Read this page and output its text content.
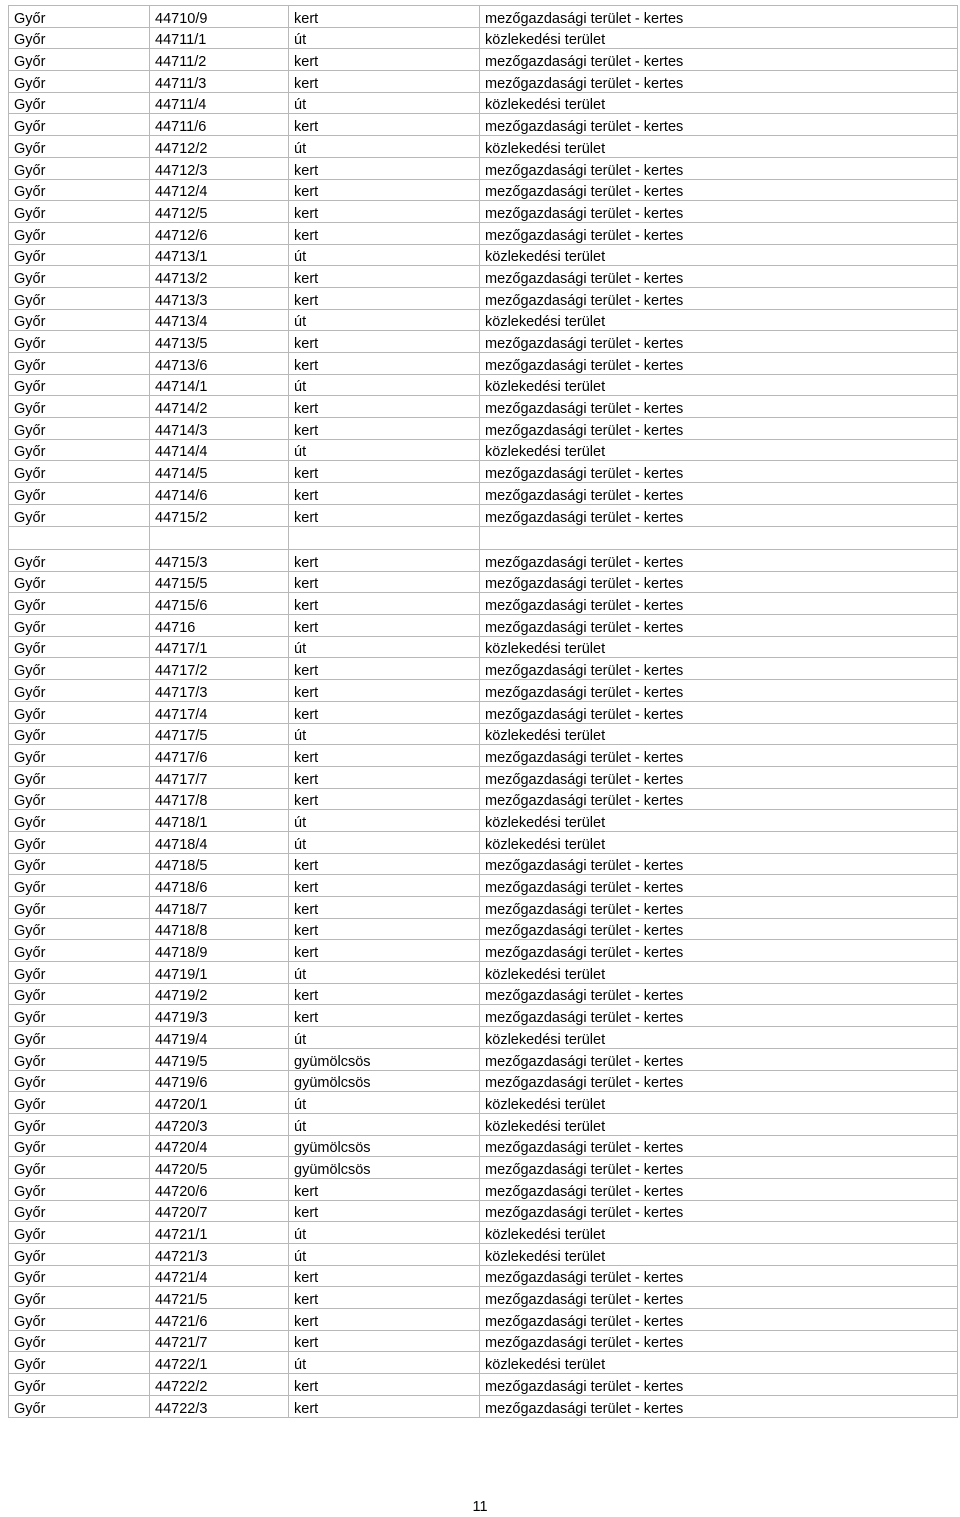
Győr	44710/9	kert	mezőgazdasági terület - kertes
Győr	44711/1	út	közlekedési terület
Győr	44711/2	kert	mezőgazdasági terület - kertes
Győr	44711/3	kert	mezőgazdasági terület - kertes
Győr	44711/4	út	közlekedési terület
Győr	44711/6	kert	mezőgazdasági terület - kertes
Győr	44712/2	út	közlekedési terület
Győr	44712/3	kert	mezőgazdasági terület - kertes
Győr	44712/4	kert	mezőgazdasági terület - kertes
Győr	44712/5	kert	mezőgazdasági terület - kertes
Győr	44712/6	kert	mezőgazdasági terület - kertes
Győr	44713/1	út	közlekedési terület
Győr	44713/2	kert	mezőgazdasági terület - kertes
Győr	44713/3	kert	mezőgazdasági terület - kertes
Győr	44713/4	út	közlekedési terület
Győr	44713/5	kert	mezőgazdasági terület - kertes
Győr	44713/6	kert	mezőgazdasági terület - kertes
Győr	44714/1	út	közlekedési terület
Győr	44714/2	kert	mezőgazdasági terület - kertes
Győr	44714/3	kert	mezőgazdasági terület - kertes
Győr	44714/4	út	közlekedési terület
Győr	44714/5	kert	mezőgazdasági terület - kertes
Győr	44714/6	kert	mezőgazdasági terület - kertes
Győr	44715/2	kert	mezőgazdasági terület - kertes

Győr	44715/3	kert	mezőgazdasági terület - kertes
Győr	44715/5	kert	mezőgazdasági terület - kertes
Győr	44715/6	kert	mezőgazdasági terület - kertes
Győr	44716	kert	mezőgazdasági terület - kertes
Győr	44717/1	út	közlekedési terület
Győr	44717/2	kert	mezőgazdasági terület - kertes
Győr	44717/3	kert	mezőgazdasági terület - kertes
Győr	44717/4	kert	mezőgazdasági terület - kertes
Győr	44717/5	út	közlekedési terület
Győr	44717/6	kert	mezőgazdasági terület - kertes
Győr	44717/7	kert	mezőgazdasági terület - kertes
Győr	44717/8	kert	mezőgazdasági terület - kertes
Győr	44718/1	út	közlekedési terület
Győr	44718/4	út	közlekedési terület
Győr	44718/5	kert	mezőgazdasági terület - kertes
Győr	44718/6	kert	mezőgazdasági terület - kertes
Győr	44718/7	kert	mezőgazdasági terület - kertes
Győr	44718/8	kert	mezőgazdasági terület - kertes
Győr	44718/9	kert	mezőgazdasági terület - kertes
Győr	44719/1	út	közlekedési terület
Győr	44719/2	kert	mezőgazdasági terület - kertes
Győr	44719/3	kert	mezőgazdasági terület - kertes
Győr	44719/4	út	közlekedési terület
Győr	44719/5	gyümölcsös	mezőgazdasági terület - kertes
Győr	44719/6	gyümölcsös	mezőgazdasági terület - kertes
Győr	44720/1	út	közlekedési terület
Győr	44720/3	út	közlekedési terület
Győr	44720/4	gyümölcsös	mezőgazdasági terület - kertes
Győr	44720/5	gyümölcsös	mezőgazdasági terület - kertes
Győr	44720/6	kert	mezőgazdasági terület - kertes
Győr	44720/7	kert	mezőgazdasági terület - kertes
Győr	44721/1	út	közlekedési terület
Győr	44721/3	út	közlekedési terület
Győr	44721/4	kert	mezőgazdasági terület - kertes
Győr	44721/5	kert	mezőgazdasági terület - kertes
Győr	44721/6	kert	mezőgazdasági terület - kertes
Győr	44721/7	kert	mezőgazdasági terület - kertes
Győr	44722/1	út	közlekedési terület
Győr	44722/2	kert	mezőgazdasági terület - kertes
Győr	44722/3	kert	mezőgazdasági terület - kertes
11
